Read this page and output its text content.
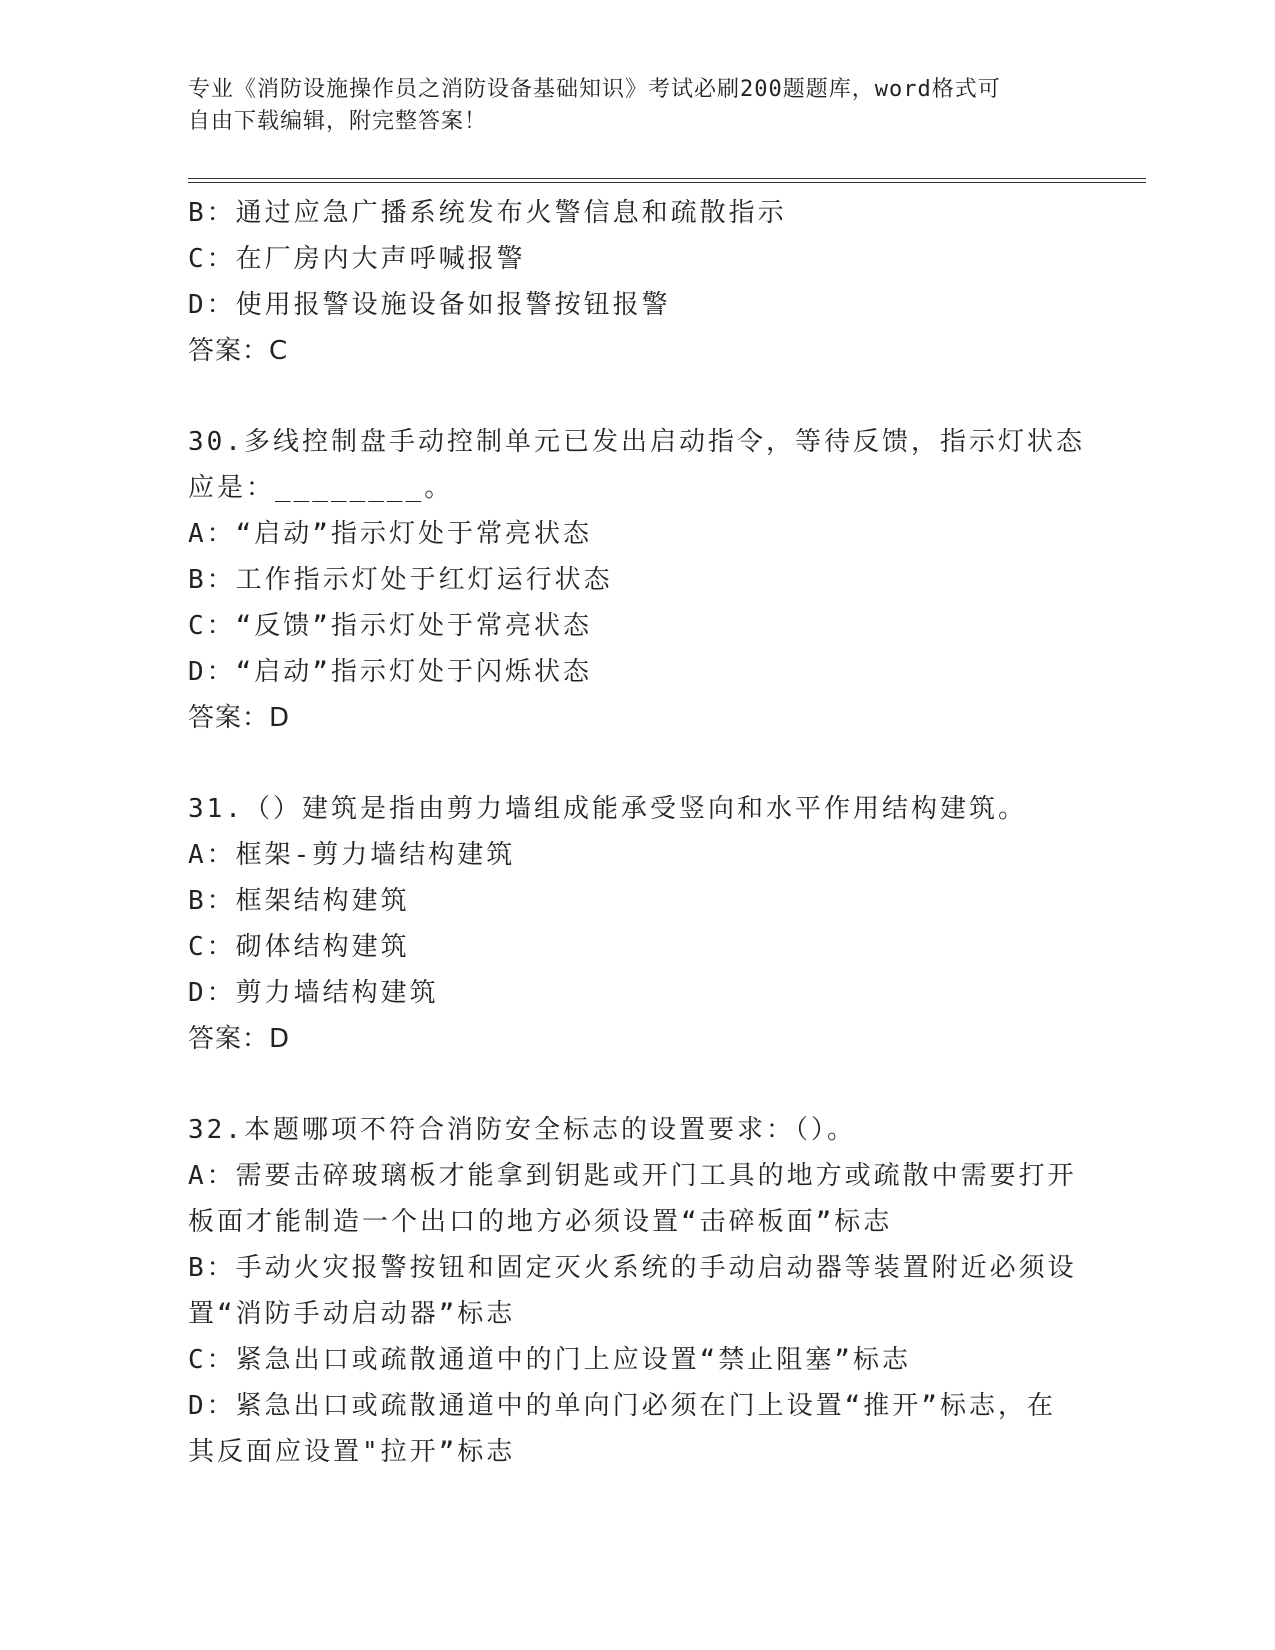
专业《消防设施操作员之消防设备基础知识》考试必刷200题题库，word格式可
自由下载编辑，附完整答案！
B：通过应急广播系统发布火警信息和疏散指示
C：在厂房内大声呼喊报警
D：使用报警设施设备如报警按钮报警
答案：C
30.多线控制盘手动控制单元已发出启动指令，等待反馈，指示灯状态
应是：________。
A：“启动”指示灯处于常亮状态
B：工作指示灯处于红灯运行状态
C：“反馈”指示灯处于常亮状态
D：“启动”指示灯处于闪烁状态
答案：D
31.（）建筑是指由剪力墙组成能承受竖向和水平作用结构建筑。
A：框架-剪力墙结构建筑
B：框架结构建筑
C：砌体结构建筑
D：剪力墙结构建筑
答案：D
32.本题哪项不符合消防安全标志的设置要求：（）。
A：需要击碎玻璃板才能拿到钥匙或开门工具的地方或疏散中需要打开
板面才能制造一个出口的地方必须设置“击碎板面”标志
B：手动火灾报警按钮和固定灭火系统的手动启动器等装置附近必须设
置“消防手动启动器”标志
C：紧急出口或疏散通道中的门上应设置“禁止阻塞”标志
D：紧急出口或疏散通道中的单向门必须在门上设置“推开”标志，在
其反面应设置"拉开”标志
